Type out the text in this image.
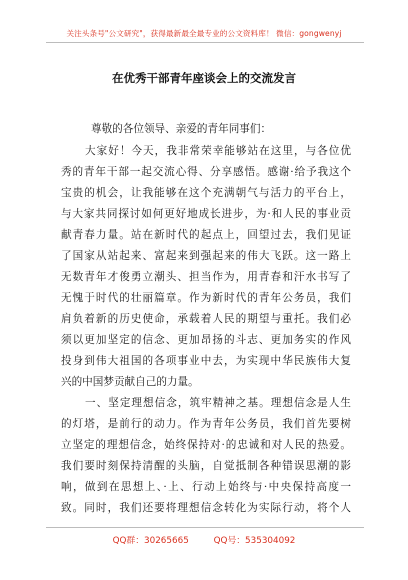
关注头条号"公文研究"，获得最新最全最专业的公文资料库！ 微信：gongwenyj
在优秀干部青年座谈会上的交流发言
尊敬的各位领导、亲爱的青年同事们：
大家好！今天，我非常荣幸能够站在这里，与各位优
秀的青年干部一起交流心得、分享感悟。感谢·给予我这个
宝贵的机会，让我能够在这个充满朝气与活力的平台上，
与大家共同探讨如何更好地成长进步，为·和人民的事业贡
献青春力量。站在新时代的起点上，回望过去，我们见证
了国家从站起来、富起来到强起来的伟大飞跃。这一路上
无数青年才俊勇立潮头、担当作为，用青春和汗水书写了
无愧于时代的壮丽篇章。作为新时代的青年公务员，我们
肩负着新的历史使命，承载着人民的期望与重托。我们必
须以更加坚定的信念、更加昂扬的斗志、更加务实的作风
投身到伟大祖国的各项事业中去，为实现中华民族伟大复
兴的中国梦贡献自己的力量。
一、坚定理想信念，筑牢精神之基。理想信念是人生
的灯塔，是前行的动力。作为青年公务员，我们首先要树
立坚定的理想信念，始终保持对·的忠诚和对人民的热爱。
我们要时刻保持清醒的头脑，自觉抵制各种错误思潮的影
响，做到在思想上、·上、行动上始终与·中央保持高度一
致。同时，我们还要将理想信念转化为实际行动，将个人
QQ群：30265665	QQ号：535304092
